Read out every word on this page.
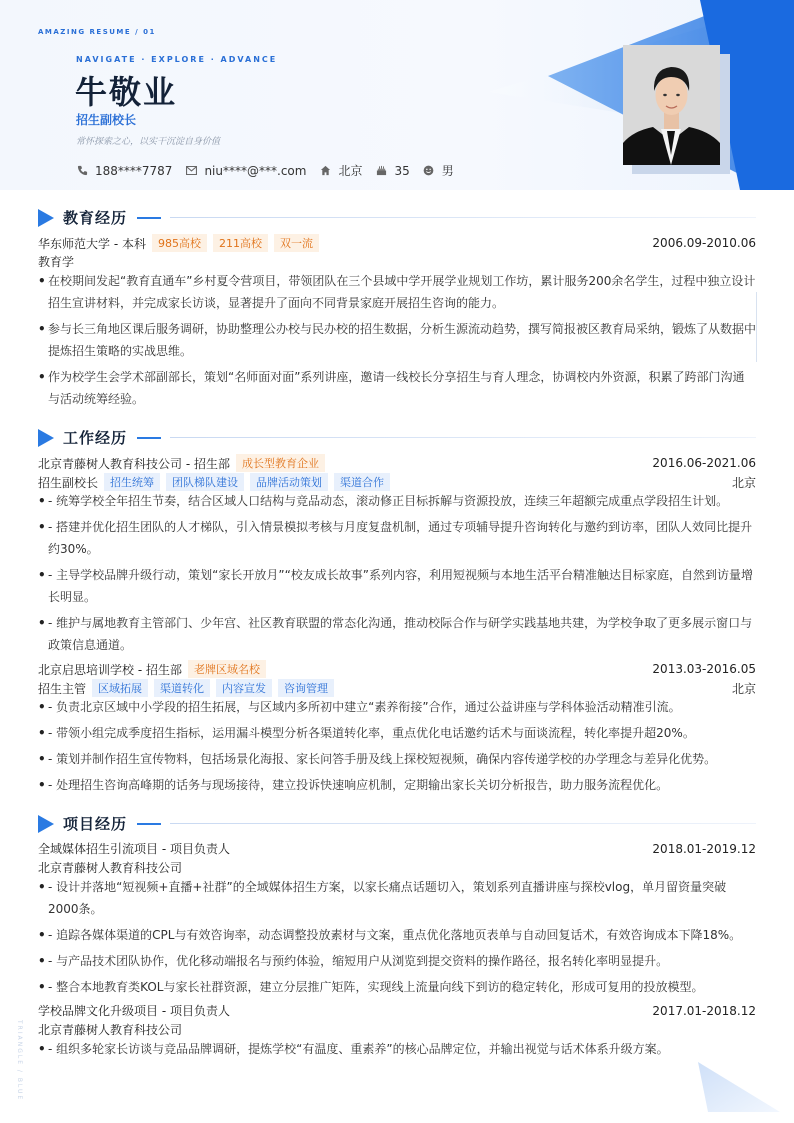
AMAZING RESUME / 01
NAVIGATE · EXPLORE · ADVANCE
牛敬业
招生副校长
常怀探索之心，以实干沉淀自身价值
188****7787	niu****@***.com	北京	35	男
教育经历
华东师范大学 - 本科	985高校	211高校	双一流	2006.09-2010.06
教育学
• 在校期间发起“教育直通车”乡村夏令营项目，带领团队在三个县域中学开展学业规划工作坊，累计服务200余名学生，过程中独立设计招生宣讲材料，并完成家长访谈，显著提升了面向不同背景家庭开展招生咨询的能力。
• 参与长三角地区课后服务调研，协助整理公办校与民办校的招生数据，分析生源流动趋势，撰写简报被区教育局采纳，锻炼了从数据中提炼招生策略的实战思维。
• 作为校学生会学术部副部长，策划“名师面对面”系列讲座，邀请一线校长分享招生与育人理念，协调校内外资源，积累了跨部门沟通与活动统筹经验。
工作经历
北京青藤树人教育科技公司 - 招生部	成长型教育企业	2016.06-2021.06
招生副校长	招生统筹	团队梯队建设	品牌活动策划	渠道合作	北京
• - 统筹学校全年招生节奏，结合区域人口结构与竞品动态，滚动修正目标拆解与资源投放，连续三年超额完成重点学段招生计划。
• - 搭建并优化招生团队的人才梯队，引入情景模拟考核与月度复盘机制，通过专项辅导提升咨询转化与邀约到访率，团队人效同比提升约30%。
• - 主导学校品牌升级行动，策划“家长开放月”“校友成长故事”系列内容，利用短视频与本地生活平台精准触达目标家庭，自然到访量增长明显。
• - 维护与属地教育主管部门、少年宫、社区教育联盟的常态化沟通，推动校际合作与研学实践基地共建，为学校争取了更多展示窗口与政策信息通道。
北京启思培训学校 - 招生部	老牌区域名校	2013.03-2016.05
招生主管	区域拓展	渠道转化	内容宣发	咨询管理	北京
• - 负责北京区域中小学段的招生拓展，与区域内多所初中建立“素养衔接”合作，通过公益讲座与学科体验活动精准引流。
• - 带领小组完成季度招生指标，运用漏斗模型分析各渠道转化率，重点优化电话邀约话术与面谈流程，转化率提升超20%。
• - 策划并制作招生宣传物料，包括场景化海报、家长问答手册及线上探校短视频，确保内容传递学校的办学理念与差异化优势。
• - 处理招生咨询高峰期的话务与现场接待，建立投诉快速响应机制，定期输出家长关切分析报告，助力服务流程优化。
项目经历
全域媒体招生引流项目 - 项目负责人	2018.01-2019.12
北京青藤树人教育科技公司
• - 设计并落地“短视频+直播+社群”的全域媒体招生方案，以家长痛点话题切入，策划系列直播讲座与探校vlog，单月留资量突破2000条。
• - 追踪各媒体渠道的CPL与有效咨询率，动态调整投放素材与文案，重点优化落地页表单与自动回复话术，有效咨询成本下降18%。
• - 与产品技术团队协作，优化移动端报名与预约体验，缩短用户从浏览到提交资料的操作路径，报名转化率明显提升。
• - 整合本地教育类KOL与家长社群资源，建立分层推广矩阵，实现线上流量向线下到访的稳定转化，形成可复用的投放模型。
学校品牌文化升级项目 - 项目负责人	2017.01-2018.12
北京青藤树人教育科技公司
• - 组织多轮家长访谈与竞品品牌调研，提炼学校“有温度、重素养”的核心品牌定位，并输出视觉与话术体系升级方案。
TRIANGLE / BLUE
